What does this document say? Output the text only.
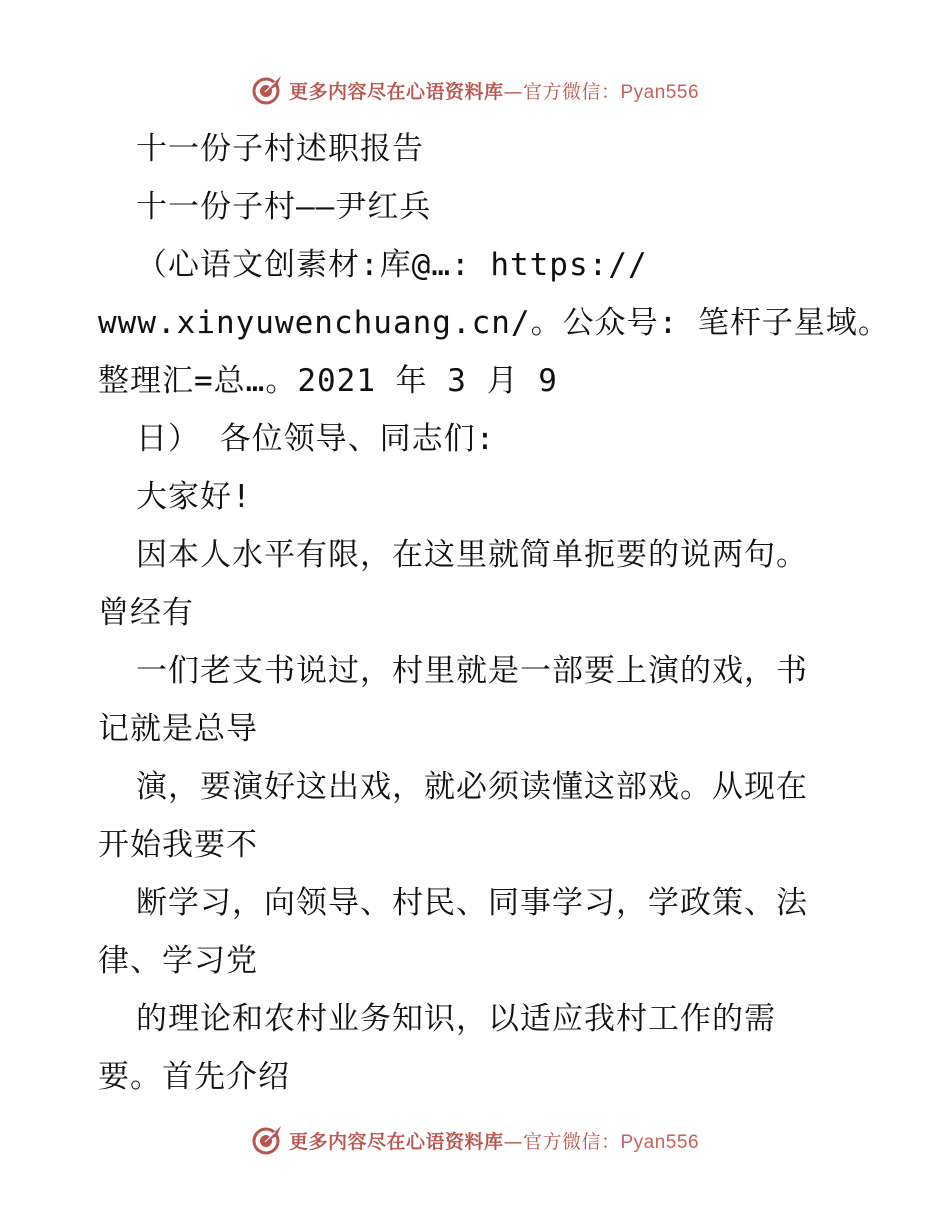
更多内容尽在心语资料库—官方微信：Pyan556
十一份子村述职报告
十一份子村——尹红兵
（心语文创素材:库@…: https://
www.xinyuwenchuang.cn/。公众号: 笔杆子星域。
整理汇=总…。2021 年 3 月 9
日） 各位领导、同志们:
大家好!
因本人水平有限，在这里就简单扼要的说两句。
曾经有
一们老支书说过，村里就是一部要上演的戏，书
记就是总导
演，要演好这出戏，就必须读懂这部戏。从现在
开始我要不
断学习，向领导、村民、同事学习，学政策、法
律、学习党
的理论和农村业务知识，以适应我村工作的需
要。首先介绍
更多内容尽在心语资料库—官方微信：Pyan556
